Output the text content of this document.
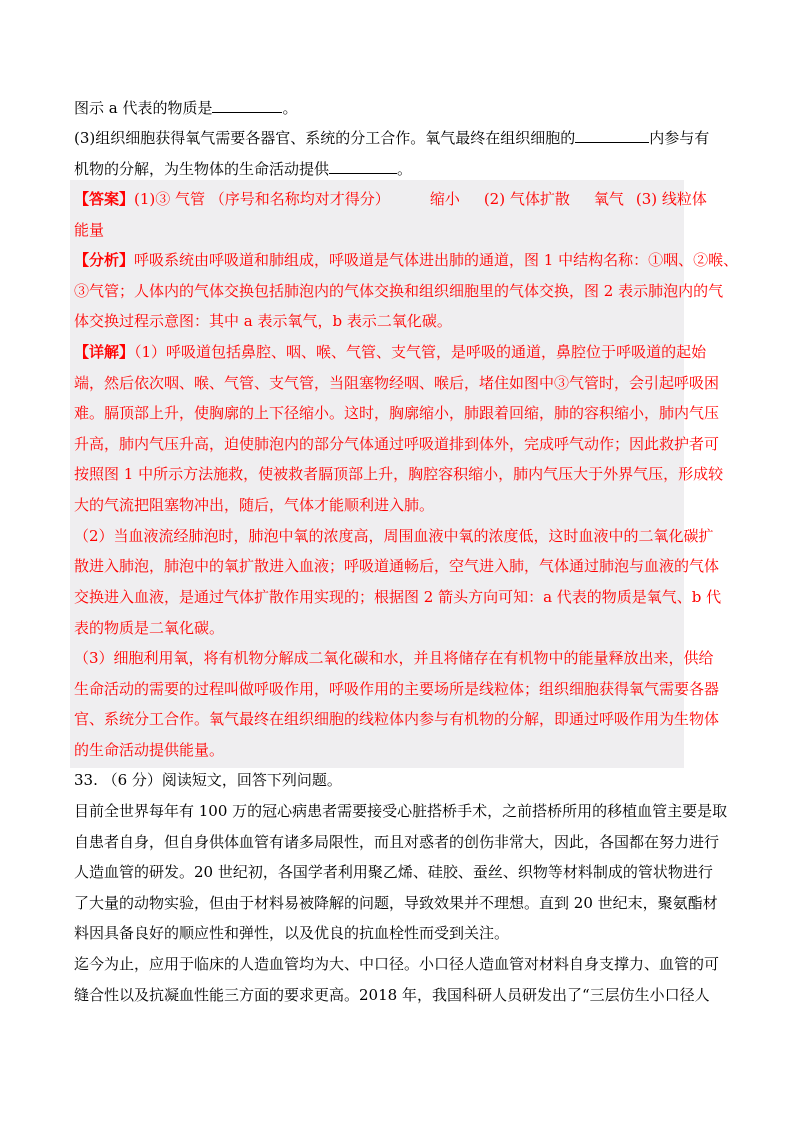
图示 a 代表的物质是	。
(3)组织细胞获得氧气需要各器官、系统的分工合作。氧气最终在组织细胞的	内参与有
机物的分解，为生物体的生命活动提供	。
【答案】(1)③ 气管 （序号和名称均对才得分）	缩小 (2) 气体扩散 氧气 (3) 线粒体
能量
【分析】呼吸系统由呼吸道和肺组成，呼吸道是气体进出肺的通道，图 1 中结构名称：①咽、②喉、
③气管；人体内的气体交换包括肺泡内的气体交换和组织细胞里的气体交换，图 2 表示肺泡内的气
体交换过程示意图：其中 a 表示氧气，b 表示二氧化碳。
【详解】（1）呼吸道包括鼻腔、咽、喉、气管、支气管，是呼吸的通道，鼻腔位于呼吸道的起始
端，然后依次咽、喉、气管、支气管，当阻塞物经咽、喉后，堵住如图中③气管时，会引起呼吸困
难。膈顶部上升，使胸廓的上下径缩小。这时，胸廓缩小，肺跟着回缩，肺的容积缩小，肺内气压
升高，肺内气压升高，迫使肺泡内的部分气体通过呼吸道排到体外，完成呼气动作；因此救护者可
按照图 1 中所示方法施救，使被救者膈顶部上升，胸腔容积缩小，肺内气压大于外界气压，形成较
大的气流把阻塞物冲出，随后，气体才能顺利进入肺。
（2）当血液流经肺泡时，肺泡中氧的浓度高，周围血液中氧的浓度低，这时血液中的二氧化碳扩
散进入肺泡，肺泡中的氧扩散进入血液；呼吸道通畅后，空气进入肺，气体通过肺泡与血液的气体
交换进入血液，是通过气体扩散作用实现的；根据图 2 箭头方向可知：a 代表的物质是氧气、b 代
表的物质是二氧化碳。
（3）细胞利用氧，将有机物分解成二氧化碳和水，并且将储存在有机物中的能量释放出来，供给
生命活动的需要的过程叫做呼吸作用，呼吸作用的主要场所是线粒体；组织细胞获得氧气需要各器
官、系统分工合作。氧气最终在组织细胞的线粒体内参与有机物的分解，即通过呼吸作用为生物体
的生命活动提供能量。
33. （6 分）阅读短文，回答下列问题。
目前全世界每年有 100 万的冠心病患者需要接受心脏搭桥手术，之前搭桥所用的移植血管主要是取
自患者自身，但自身供体血管有诸多局限性，而且对惑者的创伤非常大，因此，各国都在努力进行
人造血管的研发。20 世纪初，各国学者利用聚乙烯、硅胶、蚕丝、织物等材料制成的管状物进行
了大量的动物实验，但由于材料易被降解的问题，导致效果并不理想。直到 20 世纪末，聚氨酯材
料因具备良好的顺应性和弹性，以及优良的抗血栓性而受到关注。
迄今为止，应用于临床的人造血管均为大、中口径。小口径人造血管对材料自身支撑力、血管的可
缝合性以及抗凝血性能三方面的要求更高。2018 年，我国科研人员研发出了“三层仿生小口径人
